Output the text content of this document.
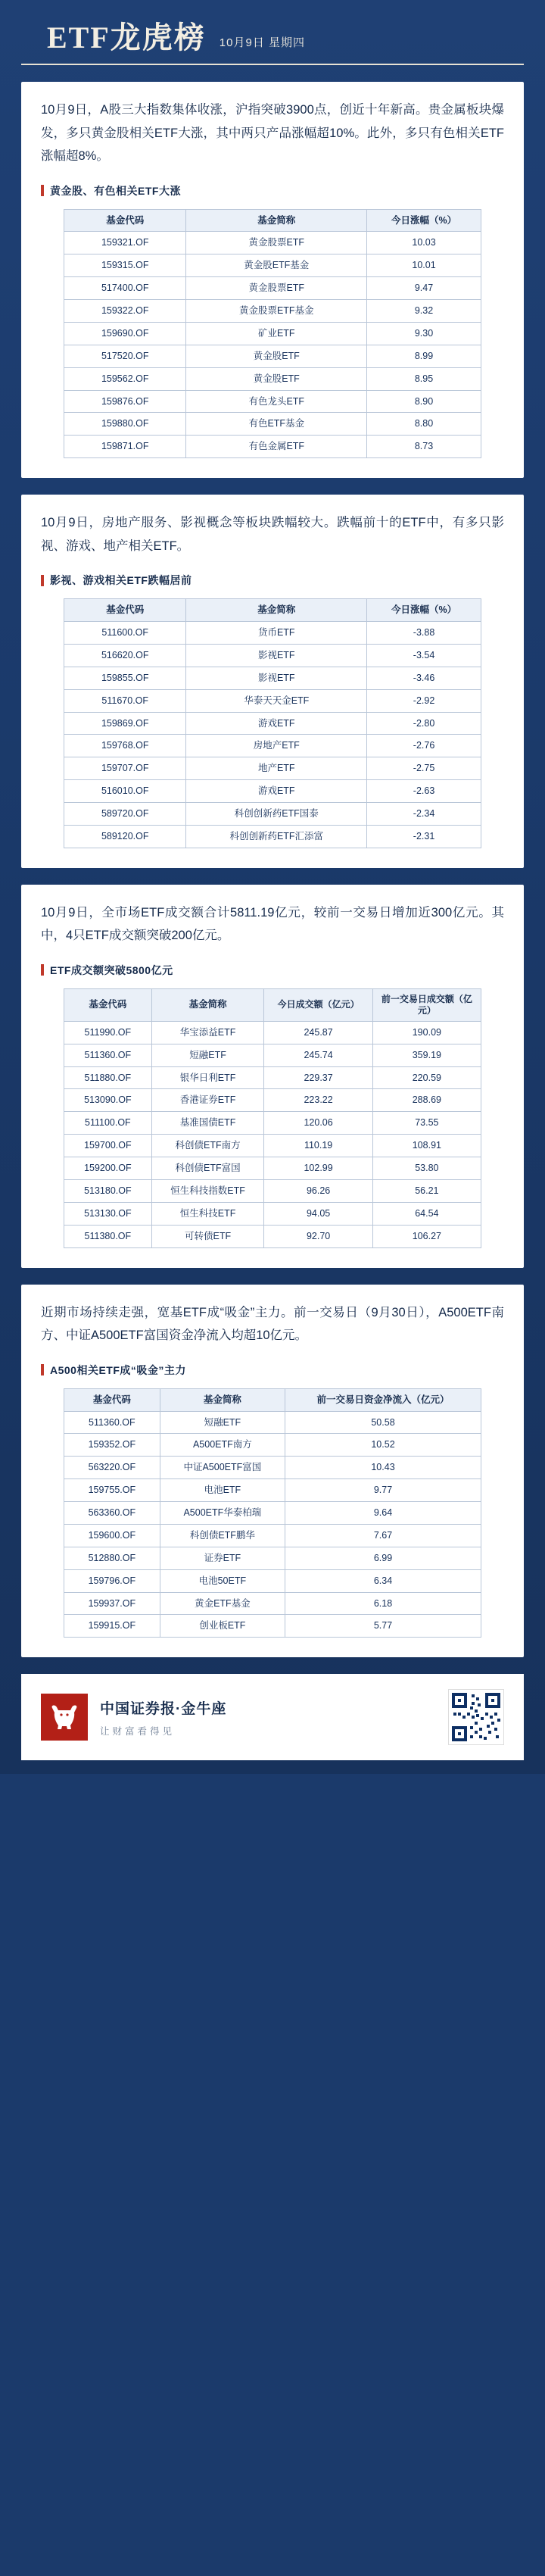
ETF龙虎榜 10月9日 星期四

10月9日，A股三大指数集体收涨，沪指突破3900点，创近十年新高。贵金属板块爆发，多只黄金股相关ETF大涨，其中两只产品涨幅超10%。此外，多只有色相关ETF涨幅超8%。

黄金股、有色相关ETF大涨
基金代码	基金简称	今日涨幅（%）
159321.OF	黄金股票ETF	10.03
159315.OF	黄金股ETF基金	10.01
517400.OF	黄金股票ETF	9.47
159322.OF	黄金股票ETF基金	9.32
159690.OF	矿业ETF	9.30
517520.OF	黄金股ETF	8.99
159562.OF	黄金股ETF	8.95
159876.OF	有色龙头ETF	8.90
159880.OF	有色ETF基金	8.80
159871.OF	有色金属ETF	8.73

10月9日，房地产服务、影视概念等板块跌幅较大。跌幅前十的ETF中，有多只影视、游戏、地产相关ETF。

影视、游戏相关ETF跌幅居前
基金代码	基金简称	今日涨幅（%）
511600.OF	货币ETF	-3.88
516620.OF	影视ETF	-3.54
159855.OF	影视ETF	-3.46
511670.OF	华泰天天金ETF	-2.92
159869.OF	游戏ETF	-2.80
159768.OF	房地产ETF	-2.76
159707.OF	地产ETF	-2.75
516010.OF	游戏ETF	-2.63
589720.OF	科创创新药ETF国泰	-2.34
589120.OF	科创创新药ETF汇添富	-2.31

10月9日，全市场ETF成交额合计5811.19亿元，较前一交易日增加近300亿元。其中，4只ETF成交额突破200亿元。

ETF成交额突破5800亿元
基金代码	基金简称	今日成交额（亿元）	前一交易日成交额（亿元）
511990.OF	华宝添益ETF	245.87	190.09
511360.OF	短融ETF	245.74	359.19
511880.OF	银华日利ETF	229.37	220.59
513090.OF	香港证券ETF	223.22	288.69
511100.OF	基准国债ETF	120.06	73.55
159700.OF	科创债ETF南方	110.19	108.91
159200.OF	科创债ETF富国	102.99	53.80
513180.OF	恒生科技指数ETF	96.26	56.21
513130.OF	恒生科技ETF	94.05	64.54
511380.OF	可转债ETF	92.70	106.27

近期市场持续走强，宽基ETF成“吸金”主力。前一交易日（9月30日），A500ETF南方、中证A500ETF富国资金净流入均超10亿元。

A500相关ETF成“吸金”主力
基金代码	基金简称	前一交易日资金净流入（亿元）
511360.OF	短融ETF	50.58
159352.OF	A500ETF南方	10.52
563220.OF	中证A500ETF富国	10.43
159755.OF	电池ETF	9.77
563360.OF	A500ETF华泰柏瑞	9.64
159600.OF	科创债ETF鹏华	7.67
512880.OF	证券ETF	6.99
159796.OF	电池50ETF	6.34
159937.OF	黄金ETF基金	6.18
159915.OF	创业板ETF	5.77
中国证券报·金牛座
让财富看得见
